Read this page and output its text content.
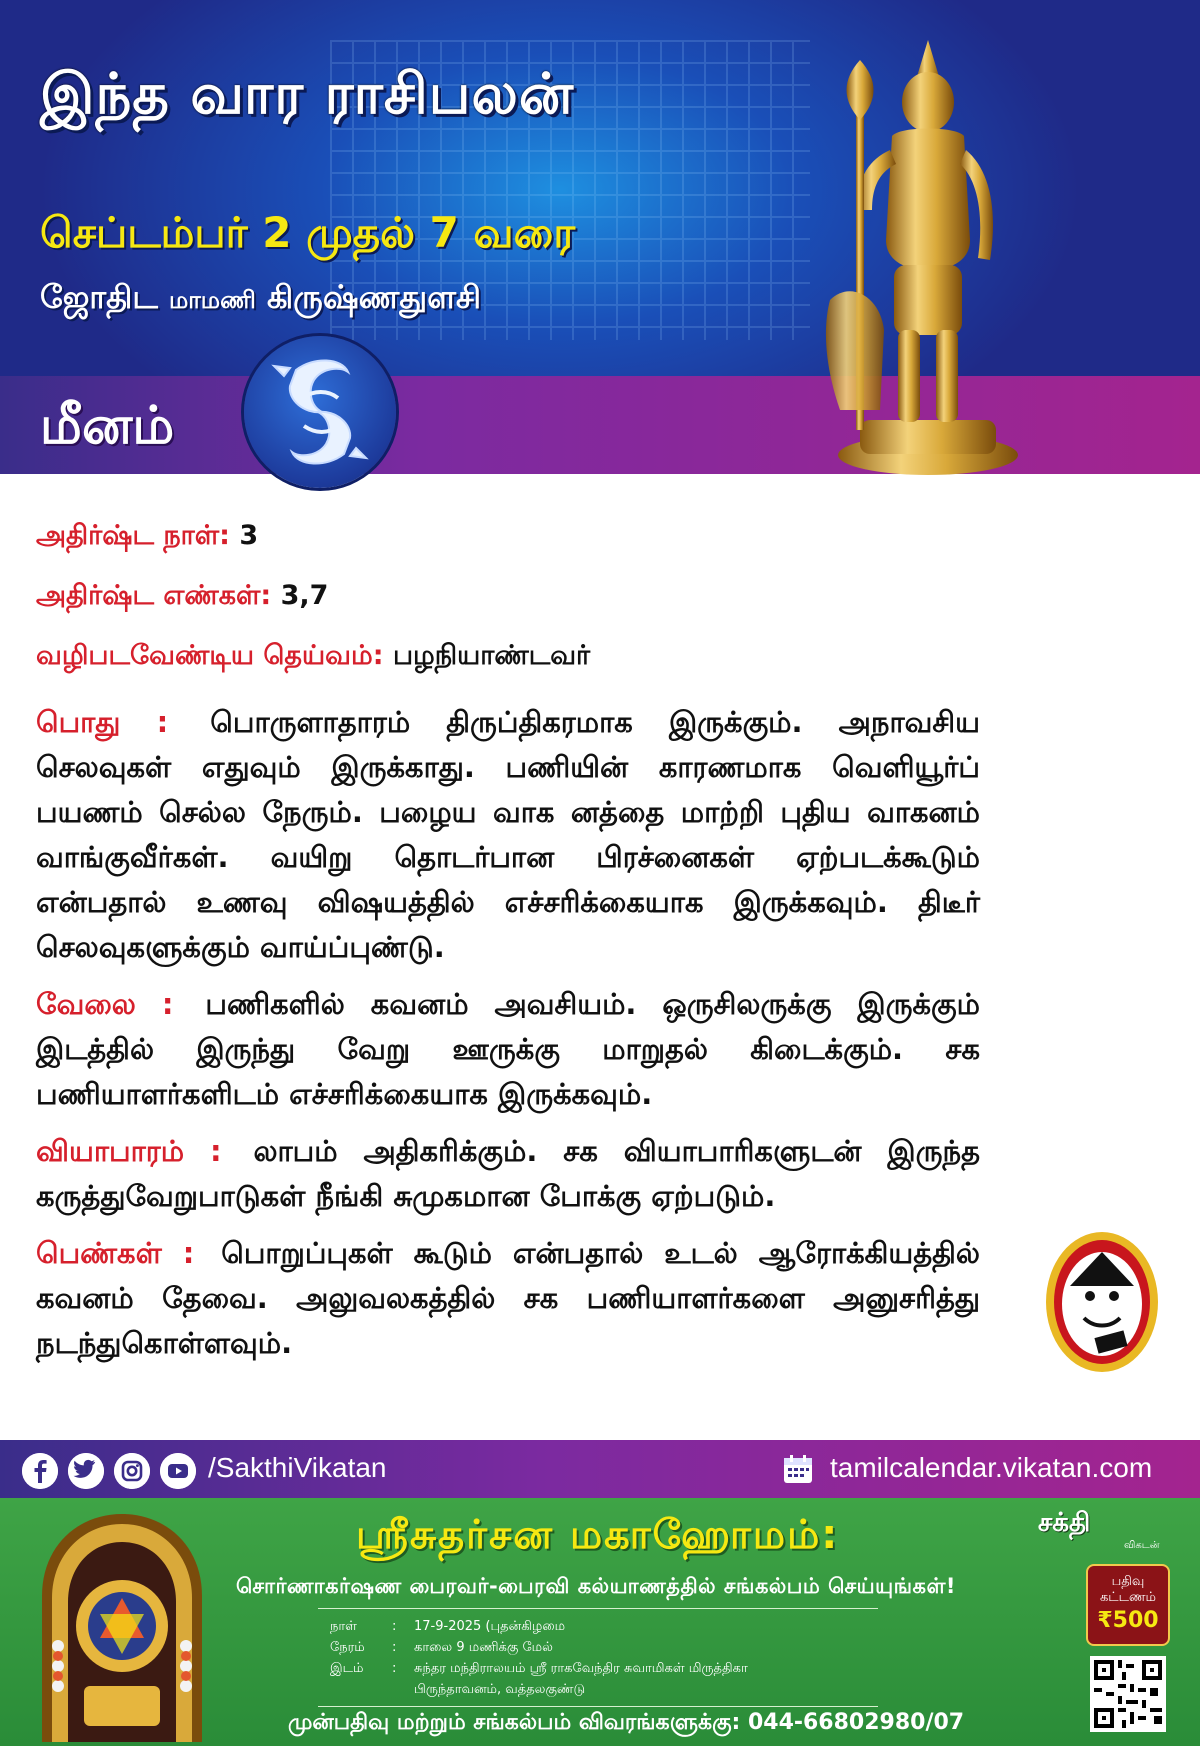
இந்த வார ராசிபலன்
செப்டம்பர் 2 முதல் 7 வரை
ஜோதிட மாமணி கிருஷ்ணதுளசி
மீனம்
அதிர்ஷ்ட நாள்: 3
அதிர்ஷ்ட எண்கள்: 3,7
வழிபடவேண்டிய தெய்வம்: பழநியாண்டவர்

பொது : பொருளாதாரம் திருப்திகரமாக இருக்கும். அநாவசிய செலவுகள் எதுவும் இருக்காது. பணியின் காரணமாக வெளியூர்ப் பயணம் செல்ல நேரும். பழைய வாக னத்தை மாற்றி புதிய வாகனம் வாங்குவீர்கள். வயிறு தொடர்பான பிரச்னைகள் ஏற்படக்கூடும் என்பதால் உணவு விஷயத்தில் எச்சரிக்கையாக இருக்கவும். திடீர் செலவுகளுக்கும் வாய்ப்புண்டு.

வேலை : பணிகளில் கவனம் அவசியம். ஒருசிலருக்கு இருக்கும் இடத்தில் இருந்து வேறு ஊருக்கு மாறுதல் கிடைக்கும். சக பணியாளர்களிடம் எச்சரிக்கையாக இருக்கவும்.

வியாபாரம் : லாபம் அதிகரிக்கும். சக வியாபாரிகளுடன் இருந்த கருத்துவேறுபாடுகள் நீங்கி சுமுகமான போக்கு ஏற்படும்.

பெண்கள் : பொறுப்புகள் கூடும் என்பதால் உடல் ஆரோக்கியத்தில் கவனம் தேவை. அலுவலகத்தில் சக பணியாளர்களை அனுசரித்து நடந்துகொள்ளவும்.

/SakthiVikatan	tamilcalendar.vikatan.com
ஸ்ரீசுதர்சன மகாஹோமம்:
சொர்ணாகர்ஷண பைரவர்-பைரவி கல்யாணத்தில் சங்கல்பம் செய்யுங்கள்!
நாள்	:	17-9-2025 (புதன்கிழமை
நேரம்	:	காலை 9 மணிக்கு மேல்
இடம்	:	சுந்தர மந்திராலயம் ஸ்ரீ ராகவேந்திர சுவாமிகள் மிருத்திகா
பிருந்தாவனம், வத்தலகுண்டு
முன்பதிவு மற்றும் சங்கல்பம் விவரங்களுக்கு: 044-66802980/07
சக்தி
விகடன்
பதிவு
கட்டணம்
₹500
